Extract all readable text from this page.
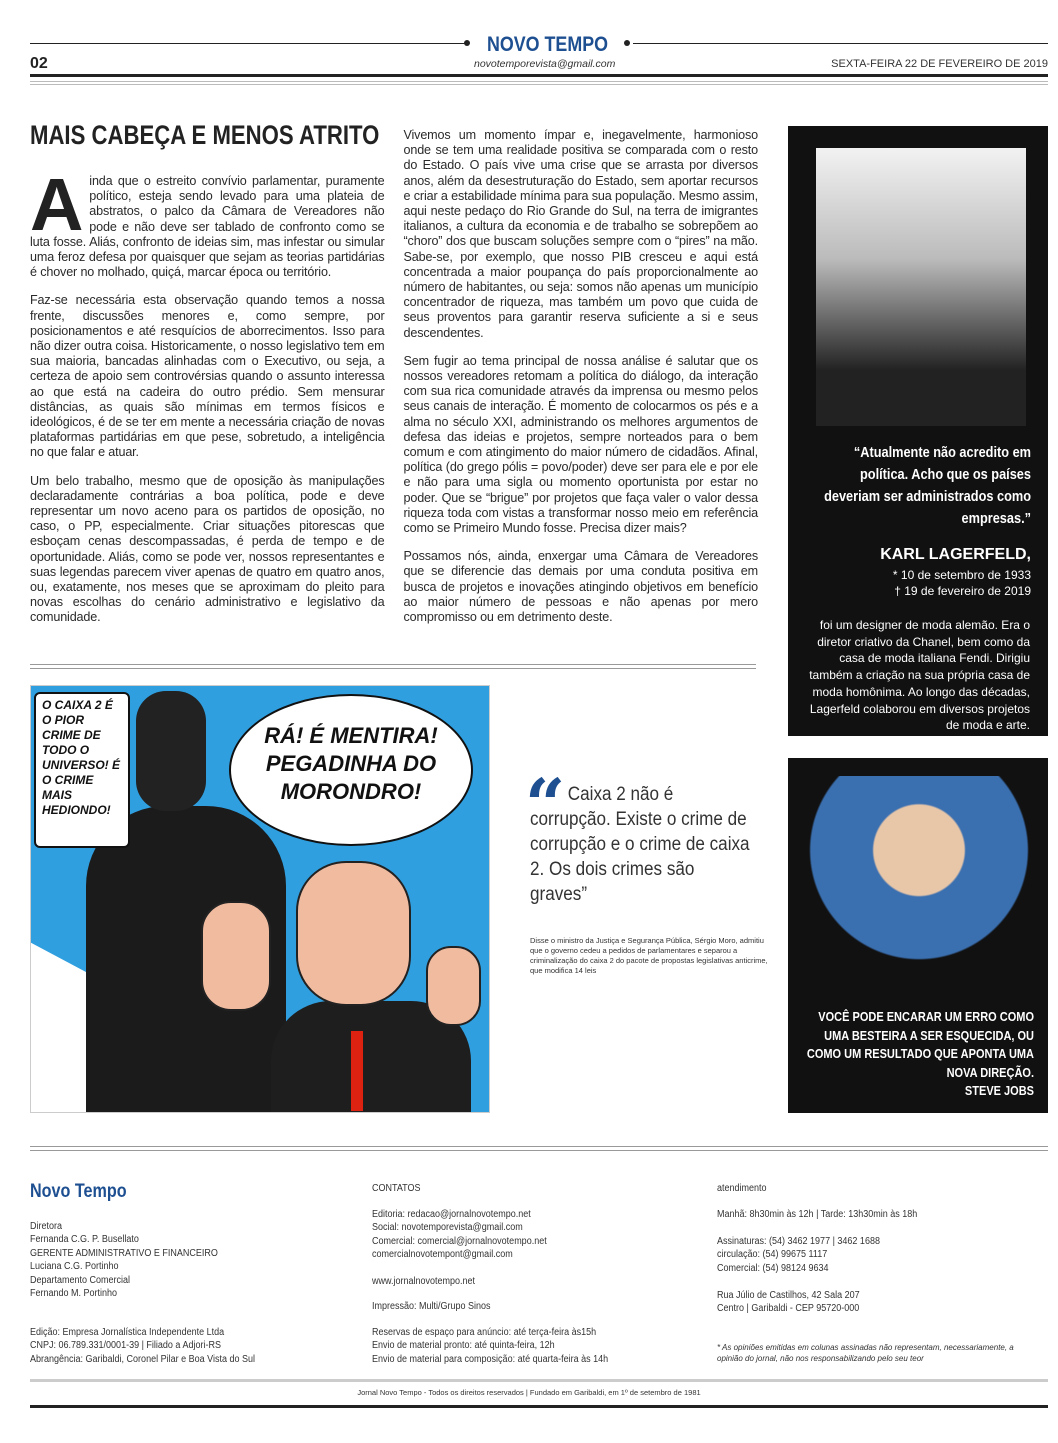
NOVO TEMPO
02	novotemporevista@gmail.com	SEXTA-FEIRA 22 DE FEVEREIRO DE 2019
MAIS CABEÇA E MENOS ATRITO

Ainda que o estreito convívio parlamentar, puramente político, esteja sendo levado para uma plateia de abstratos, o palco da Câmara de Vereadores não pode e não deve ser tablado de confronto como se luta fosse. Aliás, confronto de ideias sim, mas infestar ou simular uma feroz defesa por quaisquer que sejam as teorias partidárias é chover no molhado, quiçá, marcar época ou território.

Faz-se necessária esta observação quando temos a nossa frente, discussões menores e, como sempre, por posicionamentos e até resquícios de aborrecimentos. Isso para não dizer outra coisa. Historicamente, o nosso legislativo tem em sua maioria, bancadas alinhadas com o Executivo, ou seja, a certeza de apoio sem controvérsias quando o assunto interessa ao que está na cadeira do outro prédio. Sem mensurar distâncias, as quais são mínimas em termos físicos e ideológicos, é de se ter em mente a necessária criação de novas plataformas partidárias em que pese, sobretudo, a inteligência no que falar e atuar.

Um belo trabalho, mesmo que de oposição às manipulações declaradamente contrárias a boa política, pode e deve representar um novo aceno para os partidos de oposição, no caso, o PP, especialmente. Criar situações pitorescas que esboçam cenas descompassadas, é perda de tempo e de oportunidade. Aliás, como se pode ver, nossos representantes e suas legendas parecem viver apenas de quatro em quatro anos, ou, exatamente, nos meses que se aproximam do pleito para novas escolhas do cenário administrativo e legislativo da comunidade.

Vivemos um momento ímpar e, inegavelmente, harmonioso onde se tem uma realidade positiva se comparada com o resto do Estado. O país vive uma crise que se arrasta por diversos anos, além da desestruturação do Estado, sem aportar recursos e criar a estabilidade mínima para sua população. Mesmo assim, aqui neste pedaço do Rio Grande do Sul, na terra de imigrantes italianos, a cultura da economia e de trabalho se sobrepõem ao “choro” dos que buscam soluções sempre com o “pires” na mão. Sabe-se, por exemplo, que nosso PIB cresceu e aqui está concentrada a maior poupança do país proporcionalmente ao número de habitantes, ou seja: somos não apenas um município concentrador de riqueza, mas também um povo que cuida de seus proventos para garantir reserva suficiente a si e seus descendentes.

Sem fugir ao tema principal de nossa análise é salutar que os nossos vereadores retomam a política do diálogo, da interação com sua rica comunidade através da imprensa ou mesmo pelos seus canais de interação. É momento de colocarmos os pés e a alma no século XXI, administrando os melhores argumentos de defesa das ideias e projetos, sempre norteados para o bem comum e com atingimento do maior número de cidadãos. Afinal, política (do grego pólis = povo/poder) deve ser para ele e por ele e não para uma sigla ou momento oportunista por estar no poder. Que se “brigue” por projetos que faça valer o valor dessa riqueza toda com vistas a transformar nosso meio em referência como se Primeiro Mundo fosse. Precisa dizer mais?

Possamos nós, ainda, enxergar uma Câmara de Vereadores que se diferencie das demais por uma conduta positiva em busca de projetos e inovações atingindo objetivos em benefício ao maior número de pessoas e não apenas por mero compromisso ou em detrimento deste.

“Atualmente não acredito em política. Acho que os países deveriam ser administrados como empresas.”
KARL LAGERFELD,
* 10 de setembro de 1933
† 19 de fevereiro de 2019
foi um designer de moda alemão. Era o diretor criativo da Chanel, bem como da casa de moda italiana Fendi. Dirigiu também a criação na sua própria casa de moda homônima. Ao longo das décadas, Lagerfeld colaborou em diversos projetos de moda e arte.
VOCÊ PODE ENCARAR UM ERRO COMO UMA BESTEIRA A SER ESQUECIDA, OU COMO UM RESULTADO QUE APONTA UMA NOVA DIREÇÃO.
STEVE JOBS
O CAIXA 2 É O PIOR CRIME DE TODO O UNIVERSO! É O CRIME MAIS HEDIONDO!
RÁ! É MENTIRA! PEGADINHA DO MORONDRO!	“ Caixa 2 não é corrupção. Existe o crime de corrupção e o crime de caixa 2. Os dois crimes são graves”
Disse o ministro da Justiça e Segurança Pública, Sérgio Moro, admitiu que o governo cedeu a pedidos de parlamentares e separou a criminalização do caixa 2 do pacote de propostas legislativas anticrime, que modifica 14 leis
Novo Tempo
Diretora
Fernanda C.G. P. Busellato
GERENTE ADMINISTRATIVO E FINANCEIRO
Luciana C.G. Portinho
Departamento Comercial
Fernando M. Portinho
Edição: Empresa Jornalística Independente Ltda
CNPJ: 06.789.331/0001-39 | Filiado a Adjori-RS
Abrangência: Garibaldi, Coronel Pilar e Boa Vista do Sul
CONTATOS
Editoria: redacao@jornalnovotempo.net
Social: novotemporevista@gmail.com
Comercial: comercial@jornalnovotempo.net
comercialnovotempont@gmail.com
www.jornalnovotempo.net
Impressão: Multi/Grupo Sinos
Reservas de espaço para anúncio: até terça-feira às15h
Envio de material pronto: até quinta-feira, 12h
Envio de material para composição: até quarta-feira às 14h
atendimento
Manhã: 8h30min às 12h | Tarde: 13h30min às 18h
Assinaturas: (54) 3462 1977 | 3462 1688
circulação: (54) 99675 1117
Comercial: (54) 98124 9634
Rua Júlio de Castilhos, 42 Sala 207
Centro | Garibaldi - CEP 95720-000
* As opiniões emitidas em colunas assinadas não representam, necessariamente, a opinião do jornal, não nos responsabilizando pelo seu teor
Jornal Novo Tempo - Todos os direitos reservados | Fundado em Garibaldi, em 1º de setembro de 1981
